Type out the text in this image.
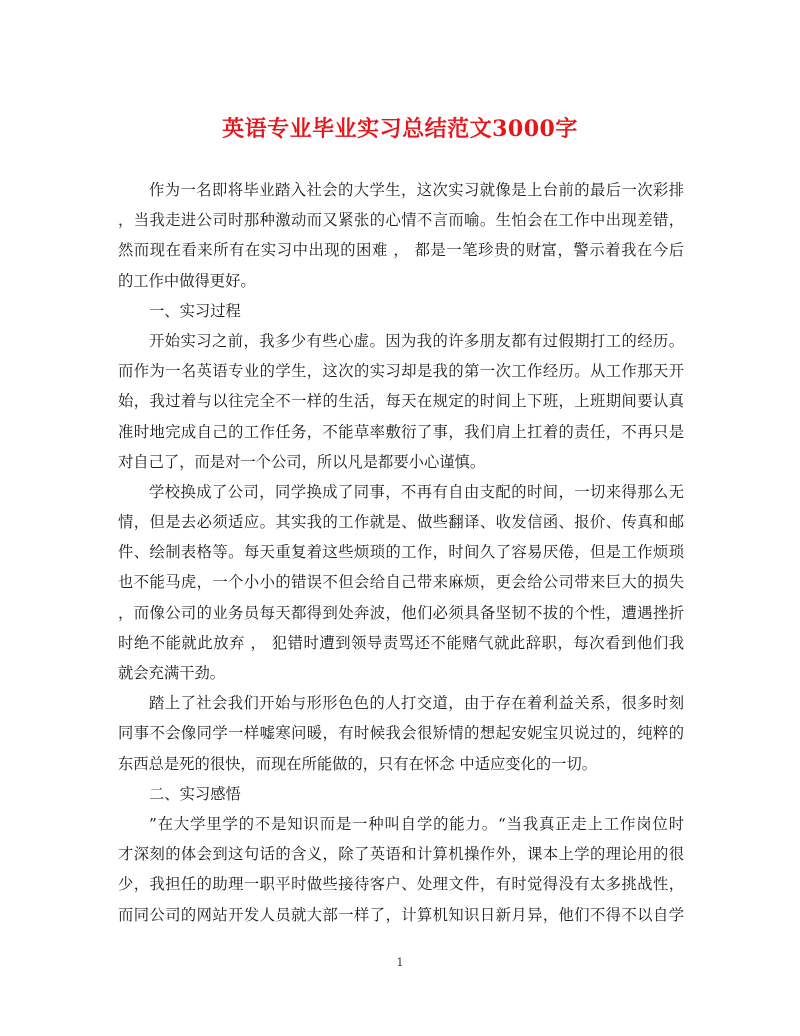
英语专业毕业实习总结范文3000字
作为一名即将毕业踏入社会的大学生，这次实习就像是上台前的最后一次彩排
，当我走进公司时那种激动而又紧张的心情不言而喻。生怕会在工作中出现差错，
然而现在看来所有在实习中出现的困难 ， 都是一笔珍贵的财富，警示着我在今后
的工作中做得更好。
一、实习过程
开始实习之前，我多少有些心虚。因为我的许多朋友都有过假期打工的经历。
而作为一名英语专业的学生，这次的实习却是我的第一次工作经历。从工作那天开
始，我过着与以往完全不一样的生活，每天在规定的时间上下班，上班期间要认真
准时地完成自己的工作任务，不能草率敷衍了事，我们肩上扛着的责任，不再只是
对自己了，而是对一个公司，所以凡是都要小心谨慎。
学校换成了公司，同学换成了同事，不再有自由支配的时间，一切来得那么无
情，但是去必须适应。其实我的工作就是、做些翻译、收发信函、报价、传真和邮
件、绘制表格等。每天重复着这些烦琐的工作，时间久了容易厌倦，但是工作烦琐
也不能马虎，一个小小的错误不但会给自己带来麻烦，更会给公司带来巨大的损失
，而像公司的业务员每天都得到处奔波，他们必须具备坚韧不拔的个性，遭遇挫折
时绝不能就此放弃 ， 犯错时遭到领导责骂还不能赌气就此辞职，每次看到他们我
就会充满干劲。
踏上了社会我们开始与形形色色的人打交道，由于存在着利益关系，很多时刻
同事不会像同学一样嘘寒问暖，有时候我会很矫情的想起安妮宝贝说过的，纯粹的
东西总是死的很快，而现在所能做的，只有在怀念 中适应变化的一切。
二、实习感悟
”在大学里学的不是知识而是一种叫自学的能力。“当我真正走上工作岗位时
才深刻的体会到这句话的含义，除了英语和计算机操作外，课本上学的理论用的很
少，我担任的助理一职平时做些接待客户、处理文件，有时觉得没有太多挑战性，
而同公司的网站开发人员就大部一样了，计算机知识日新月异，他们不得不以自学
1
